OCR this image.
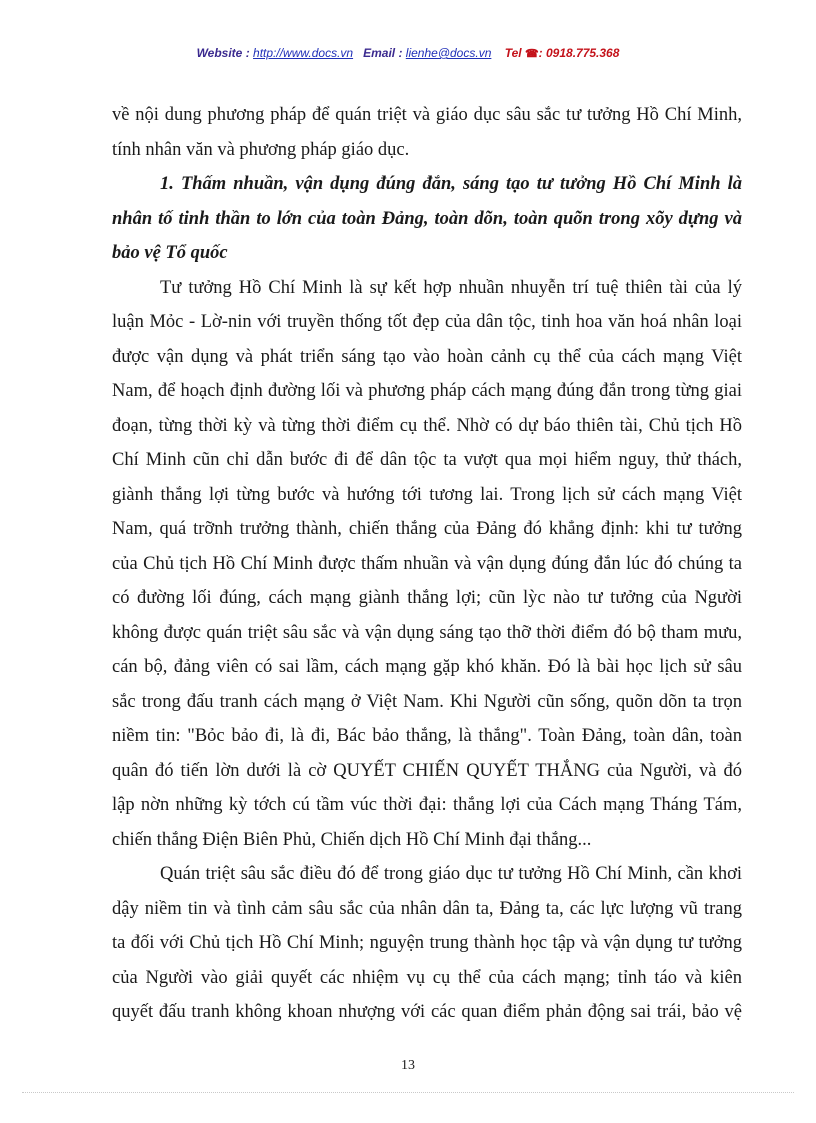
Website : http://www.docs.vn Email : lienhe@docs.vn Tel ☎: 0918.775.368
về nội dung phương pháp để quán triệt và giáo dục sâu sắc tư tưởng Hồ Chí Minh,
tính nhân văn và phương pháp giáo dục.
1. Thấm nhuần, vận dụng đúng đắn, sáng tạo tư tưởng Hồ Chí Minh là
nhân tố tinh thần to lớn của toàn Đảng, toàn dõn, toàn quõn trong xõy dựng và
bảo vệ Tổ quốc
Tư tưởng Hồ Chí Minh là sự kết hợp nhuần nhuyễn trí tuệ thiên tài của lý
luận Mỏc - Lờ-nin với truyền thống tốt đẹp của dân tộc, tinh hoa văn hoá nhân loại
được vận dụng và phát triển sáng tạo vào hoàn cảnh cụ thể của cách mạng Việt
Nam, để hoạch định đường lối và phương pháp cách mạng đúng đắn trong từng giai
đoạn, từng thời kỳ và từng thời điểm cụ thể. Nhờ có dự báo thiên tài, Chủ tịch Hồ
Chí Minh cũn chỉ dẫn bước đi để dân tộc ta vượt qua mọi hiểm nguy, thử thách,
giành thắng lợi từng bước và hướng tới tương lai. Trong lịch sử cách mạng Việt
Nam, quá trỡnh trưởng thành, chiến thắng của Đảng đó khẳng định: khi tư tưởng
của Chủ tịch Hồ Chí Minh được thấm nhuần và vận dụng đúng đắn lúc đó chúng ta
có đường lối đúng, cách mạng giành thắng lợi; cũn lỳc nào tư tưởng của Người
không được quán triệt sâu sắc và vận dụng sáng tạo thỡ thời điểm đó bộ tham mưu,
cán bộ, đảng viên có sai lầm, cách mạng gặp khó khăn. Đó là bài học lịch sử sâu
sắc trong đấu tranh cách mạng ở Việt Nam. Khi Người cũn sống, quõn dõn ta trọn
niềm tin: "Bỏc bảo đi, là đi, Bác bảo thắng, là thắng". Toàn Đảng, toàn dân, toàn
quân đó tiến lờn dưới là cờ QUYẾT CHIẾN QUYẾT THẮNG của Người, và đó
lập nờn những kỳ tớch cú tầm vúc thời đại: thắng lợi của Cách mạng Tháng Tám,
chiến thắng Điện Biên Phủ, Chiến dịch Hồ Chí Minh đại thắng...
Quán triệt sâu sắc điều đó để trong giáo dục tư tưởng Hồ Chí Minh, cần khơi
dậy niềm tin và tình cảm sâu sắc của nhân dân ta, Đảng ta, các lực lượng vũ trang
ta đối với Chủ tịch Hồ Chí Minh; nguyện trung thành học tập và vận dụng tư tưởng
của Người vào giải quyết các nhiệm vụ cụ thể của cách mạng; tỉnh táo và kiên
quyết đấu tranh không khoan nhượng với các quan điểm phản động sai trái, bảo vệ
13
